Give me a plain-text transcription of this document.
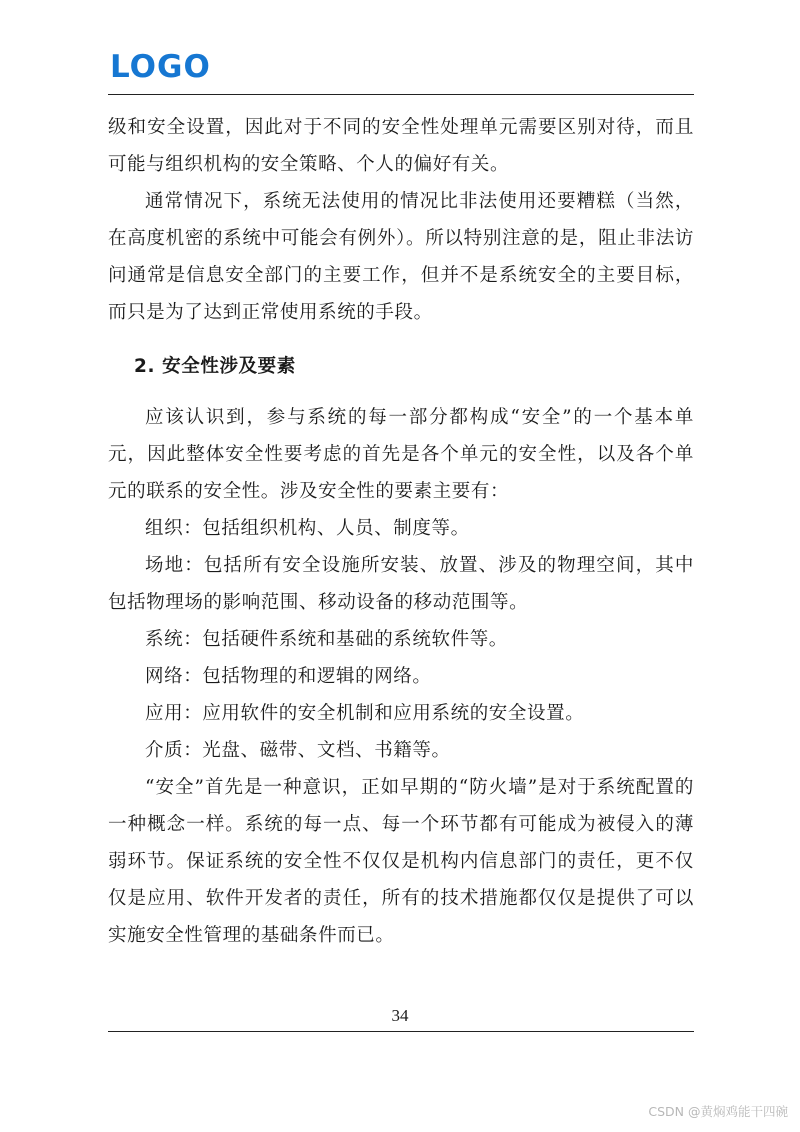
LOGO

级和安全设置，因此对于不同的安全性处理单元需要区别对待，而且可能与组织机构的安全策略、个人的偏好有关。

通常情况下，系统无法使用的情况比非法使用还要糟糕（当然，在高度机密的系统中可能会有例外）。所以特别注意的是，阻止非法访问通常是信息安全部门的主要工作，但并不是系统安全的主要目标，而只是为了达到正常使用系统的手段。

2. 安全性涉及要素

应该认识到，参与系统的每一部分都构成“安全”的一个基本单元，因此整体安全性要考虑的首先是各个单元的安全性，以及各个单元的联系的安全性。涉及安全性的要素主要有：

组织：包括组织机构、人员、制度等。

场地：包括所有安全设施所安装、放置、涉及的物理空间，其中包括物理场的影响范围、移动设备的移动范围等。

系统：包括硬件系统和基础的系统软件等。

网络：包括物理的和逻辑的网络。

应用：应用软件的安全机制和应用系统的安全设置。

介质：光盘、磁带、文档、书籍等。

“安全”首先是一种意识，正如早期的“防火墙”是对于系统配置的一种概念一样。系统的每一点、每一个环节都有可能成为被侵入的薄弱环节。保证系统的安全性不仅仅是机构内信息部门的责任，更不仅仅是应用、软件开发者的责任，所有的技术措施都仅仅是提供了可以实施安全性管理的基础条件而已。

34
CSDN @黄焖鸡能干四碗
